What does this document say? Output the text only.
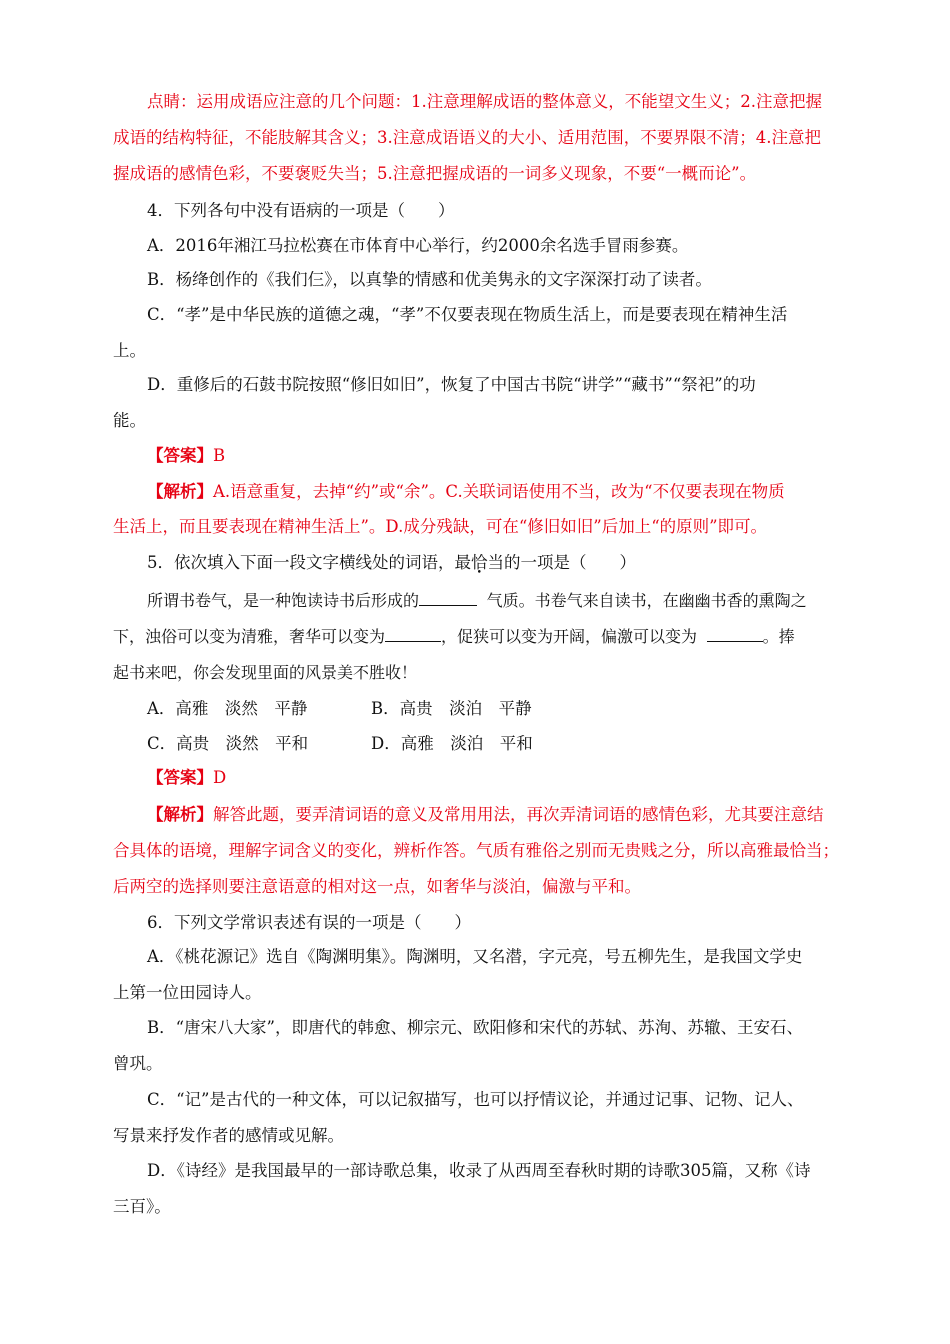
点睛：运用成语应注意的几个问题：1.注意理解成语的整体意义，不能望文生义；2.注意把握
成语的结构特征，不能肢解其含义；3.注意成语语义的大小、适用范围，不要界限不清；4.注意把
握成语的感情色彩，不要褒贬失当；5.注意把握成语的一词多义现象，不要“一概而论”。
4．下列各句中没有语病的一项是（　　）
A．2016年湘江马拉松赛在市体育中心举行，约2000余名选手冒雨参赛。
B．杨绛创作的《我们仨》，以真挚的情感和优美隽永的文字深深打动了读者。
C．“孝”是中华民族的道德之魂，“孝”不仅要表现在物质生活上，而是要表现在精神生活
上。
D．重修后的石鼓书院按照“修旧如旧”，恢复了中国古书院“讲学”“藏书”“祭祀”的功
能。
【答案】B
【解析】A.语意重复，去掉“约”或“余”。C.关联词语使用不当，改为“不仅要表现在物质
生活上，而且要表现在精神生活上”。D.成分残缺，可在“修旧如旧”后加上“的原则”即可。
5．依次填入下面一段文字横线处的词语，最恰当的一项是（　　）
所谓书卷气，是一种饱读诗书后形成的	气质。书卷气来自读书，在幽幽书香的熏陶之
下，浊俗可以变为清雅，奢华可以变为	，促狭可以变为开阔，偏激可以变为	。捧
起书来吧，你会发现里面的风景美不胜收！
A．高雅　淡然　平静	B．高贵　淡泊　平静
C．高贵　淡然　平和	D．高雅　淡泊　平和
【答案】D
【解析】解答此题，要弄清词语的意义及常用用法，再次弄清词语的感情色彩，尤其要注意结
合具体的语境，理解字词含义的变化，辨析作答。气质有雅俗之别而无贵贱之分，所以高雅最恰当；
后两空的选择则要注意语意的相对这一点，如奢华与淡泊，偏激与平和。
6．下列文学常识表述有误的一项是（　　）
A．《桃花源记》选自《陶渊明集》。陶渊明，又名潜，字元亮，号五柳先生，是我国文学史
上第一位田园诗人。
B．“唐宋八大家”，即唐代的韩愈、柳宗元、欧阳修和宋代的苏轼、苏洵、苏辙、王安石、
曾巩。
C．“记”是古代的一种文体，可以记叙描写，也可以抒情议论，并通过记事、记物、记人、
写景来抒发作者的感情或见解。
D．《诗经》是我国最早的一部诗歌总集，收录了从西周至春秋时期的诗歌305篇，又称《诗
三百》。
